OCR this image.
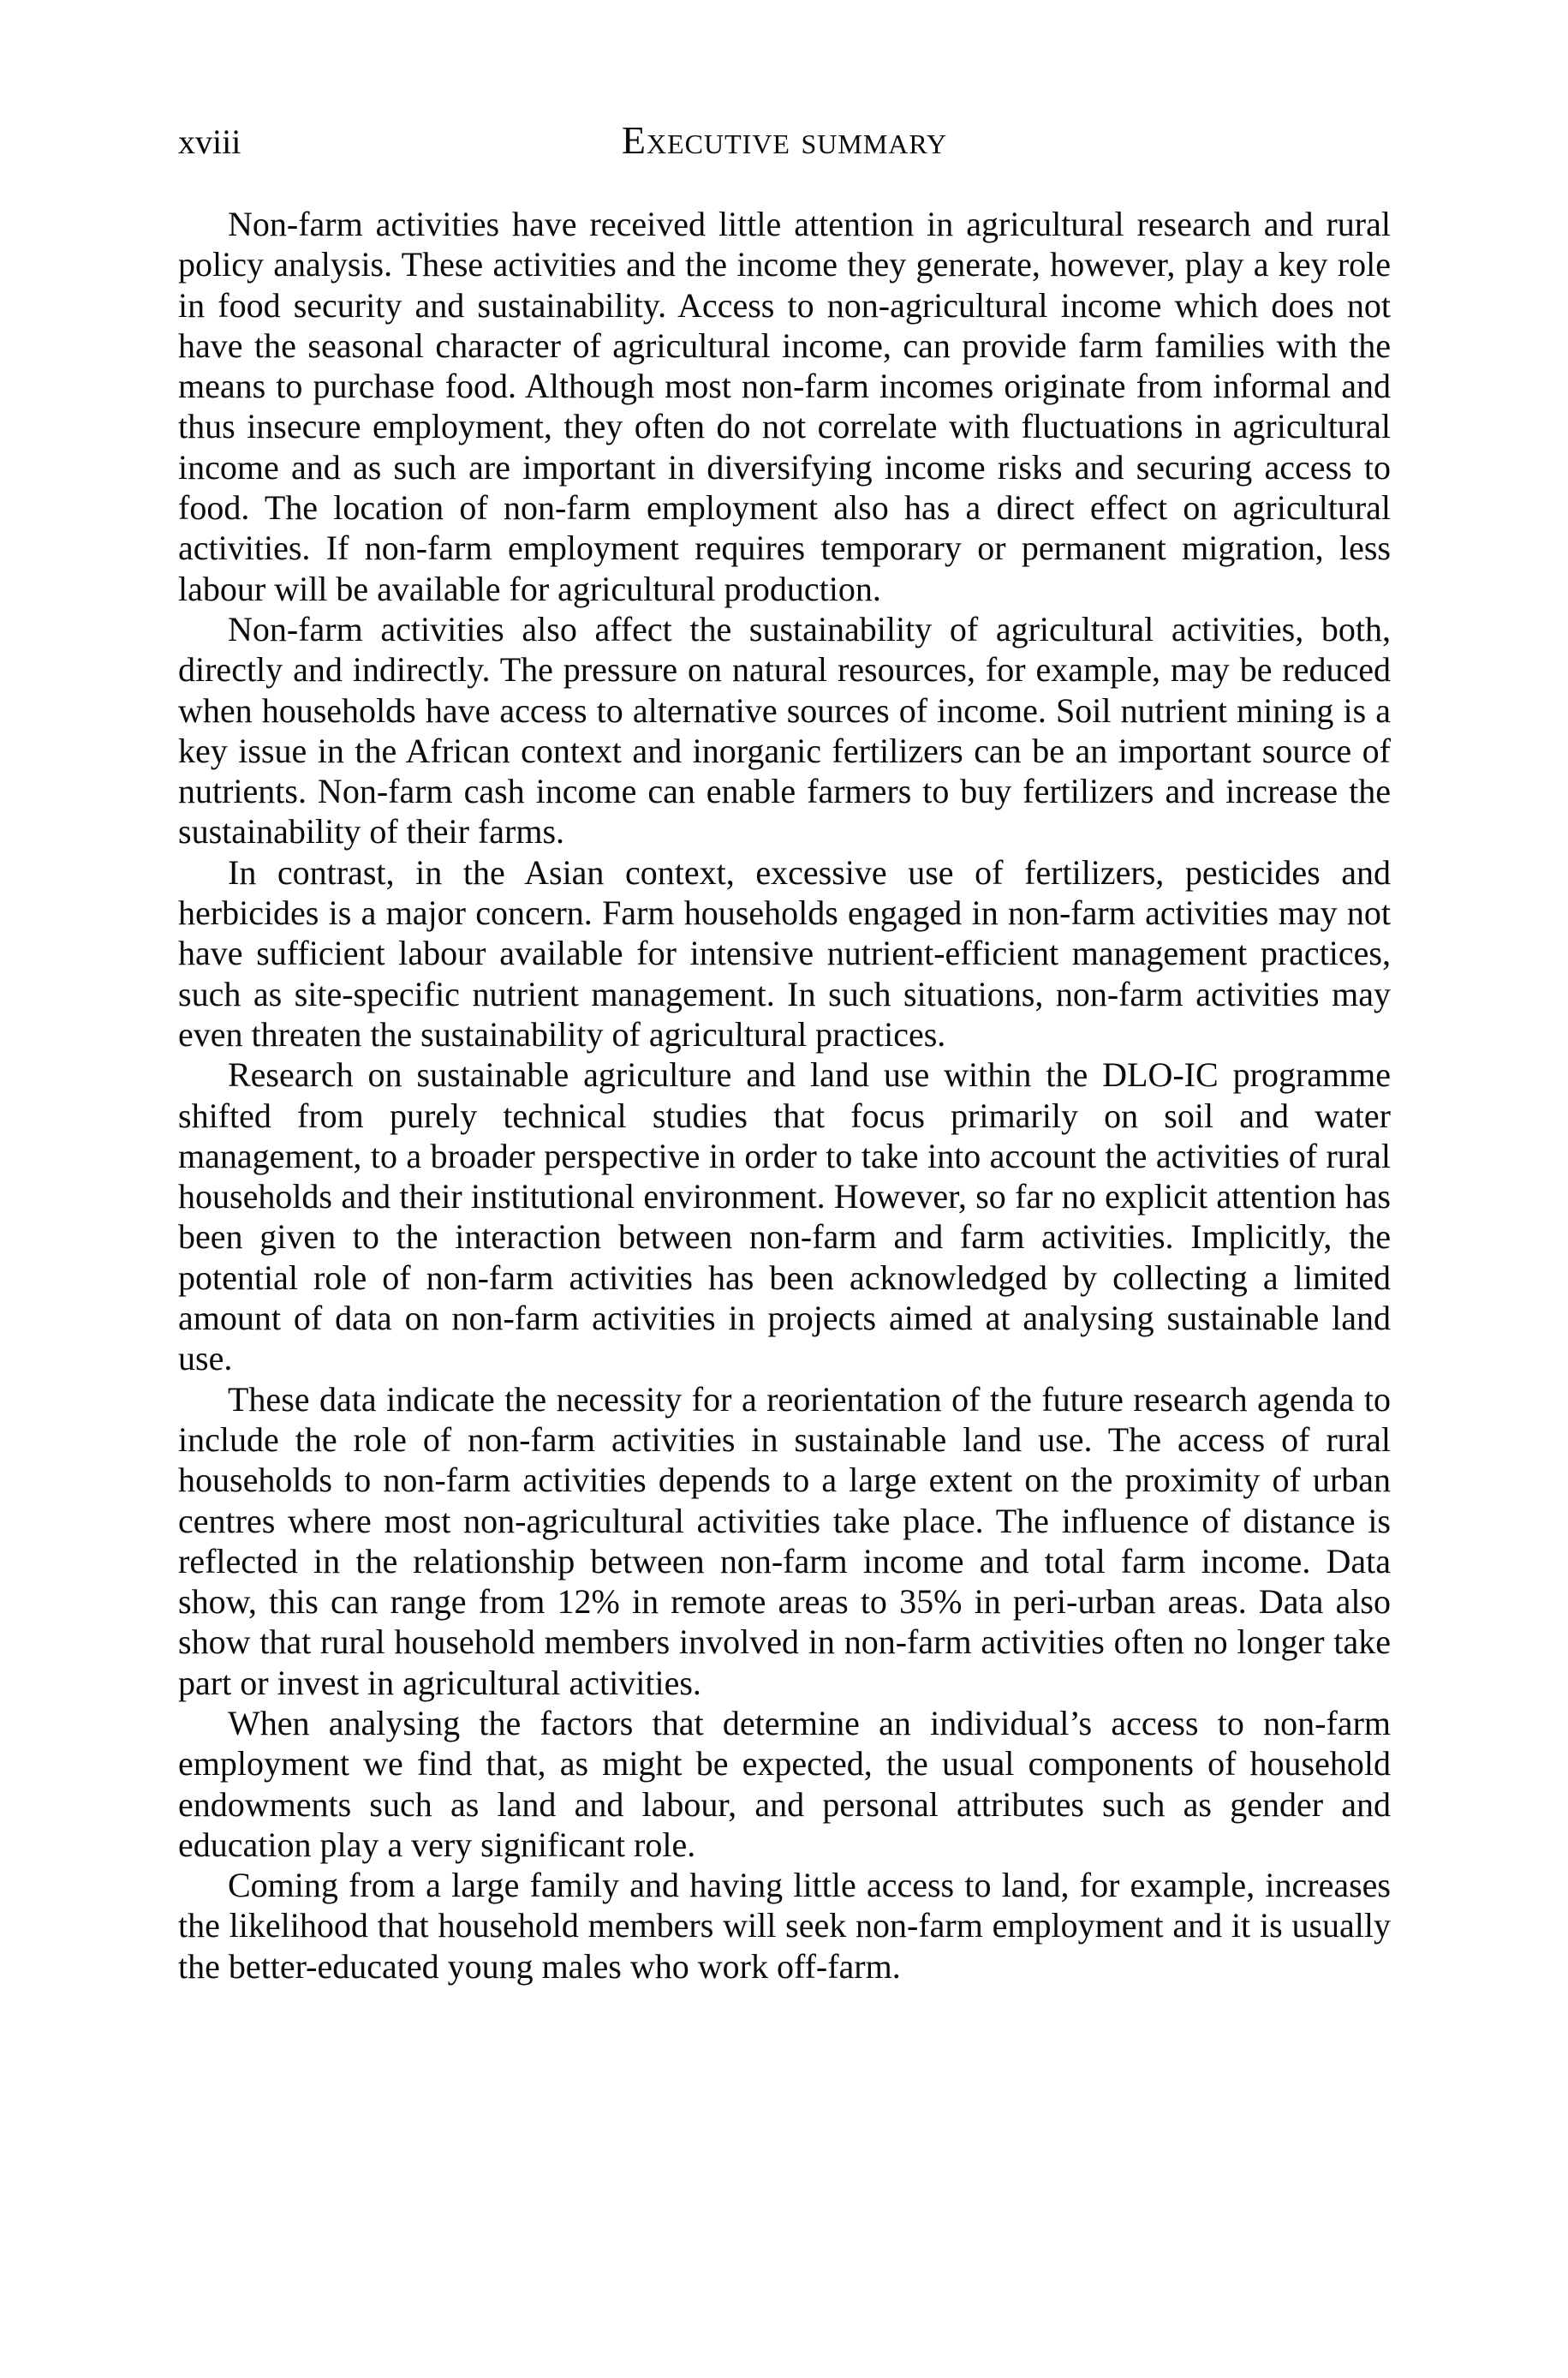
xviii	Executive summary

Non-farm activities have received little attention in agricultural research and rural policy analysis. These activities and the income they generate, however, play a key role in food security and sustainability. Access to non-agricultural income which does not have the seasonal character of agricultural income, can provide farm families with the means to purchase food. Although most non-farm incomes originate from informal and thus insecure employment, they often do not correlate with fluctuations in agricultural income and as such are important in diversifying income risks and securing access to food. The location of non-farm employment also has a direct effect on agricultural activities. If non-farm employment requires temporary or permanent migration, less labour will be available for agricultural production.

Non-farm activities also affect the sustainability of agricultural activities, both, directly and indirectly. The pressure on natural resources, for example, may be reduced when households have access to alternative sources of income. Soil nutrient mining is a key issue in the African context and inorganic fertilizers can be an important source of nutrients. Non-farm cash income can enable farmers to buy fertilizers and increase the sustainability of their farms.

In contrast, in the Asian context, excessive use of fertilizers, pesticides and herbicides is a major concern. Farm households engaged in non-farm activities may not have sufficient labour available for intensive nutrient-efficient management practices, such as site-specific nutrient management. In such situations, non-farm activities may even threaten the sustainability of agricultural practices.

Research on sustainable agriculture and land use within the DLO-IC programme shifted from purely technical studies that focus primarily on soil and water management, to a broader perspective in order to take into account the activities of rural households and their institutional environment. However, so far no explicit attention has been given to the interaction between non-farm and farm activities. Implicitly, the potential role of non-farm activities has been acknowledged by collecting a limited amount of data on non-farm activities in projects aimed at analysing sustainable land use.

These data indicate the necessity for a reorientation of the future research agenda to include the role of non-farm activities in sustainable land use. The access of rural households to non-farm activities depends to a large extent on the proximity of urban centres where most non-agricultural activities take place. The influence of distance is reflected in the relationship between non-farm income and total farm income. Data show, this can range from 12% in remote areas to 35% in peri-urban areas. Data also show that rural household members involved in non-farm activities often no longer take part or invest in agricultural activities.

When analysing the factors that determine an individual’s access to non-farm employment we find that, as might be expected, the usual components of household endowments such as land and labour, and personal attributes such as gender and education play a very significant role.

Coming from a large family and having little access to land, for example, increases the likelihood that household members will seek non-farm employment and it is usually the better-educated young males who work off-farm.
